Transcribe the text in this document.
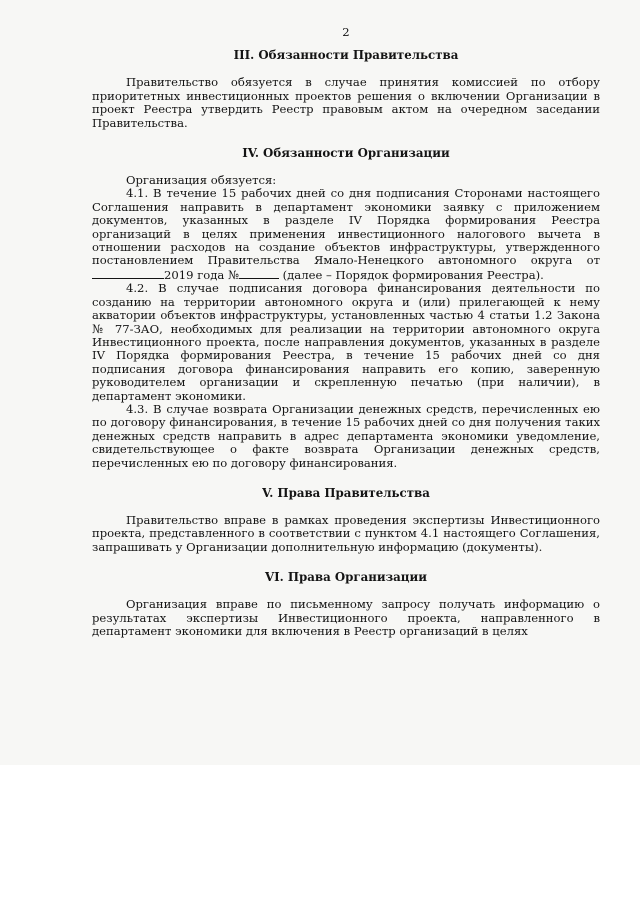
2
III. Обязанности Правительства

Правительство обязуется в случае принятия комиссией по отбору приоритетных инвестиционных проектов решения о включении Организации в проект Реестра утвердить Реестр правовым актом на очередном заседании Правительства.

IV. Обязанности Организации

Организация обязуется:

4.1. В течение 15 рабочих дней со дня подписания Сторонами настоящего Соглашения направить в департамент экономики заявку с приложением документов, указанных в разделе IV Порядка формирования Реестра организаций в целях применения инвестиционного налогового вычета в отношении расходов на создание объектов инфраструктуры, утвержденного постановлением Правительства Ямало-Ненецкого автономного округа от 2019 года №	(далее – Порядок формирования Реестра).

4.2. В случае подписания договора финансирования деятельности по созданию на территории автономного округа и (или) прилегающей к нему акватории объектов инфраструктуры, установленных частью 4 статьи 1.2 Закона № 77-ЗАО, необходимых для реализации на территории автономного округа Инвестиционного проекта, после направления документов, указанных в разделе IV Порядка формирования Реестра, в течение 15 рабочих дней со дня подписания договора финансирования направить его копию, заверенную руководителем организации и скрепленную печатью (при наличии), в департамент экономики.

4.3. В случае возврата Организации денежных средств, перечисленных ею по договору финансирования, в течение 15 рабочих дней со дня получения таких денежных средств направить в адрес департамента экономики уведомление, свидетельствующее о факте возврата Организации денежных средств, перечисленных ею по договору финансирования.

V. Права Правительства

Правительство вправе в рамках проведения экспертизы Инвестиционного проекта, представленного в соответствии с пунктом 4.1 настоящего Соглашения, запрашивать у Организации дополнительную информацию (документы).

VI. Права Организации

Организация вправе по письменному запросу получать информацию о результатах экспертизы Инвестиционного проекта, направленного в департамент экономики для включения в Реестр организаций в целях
